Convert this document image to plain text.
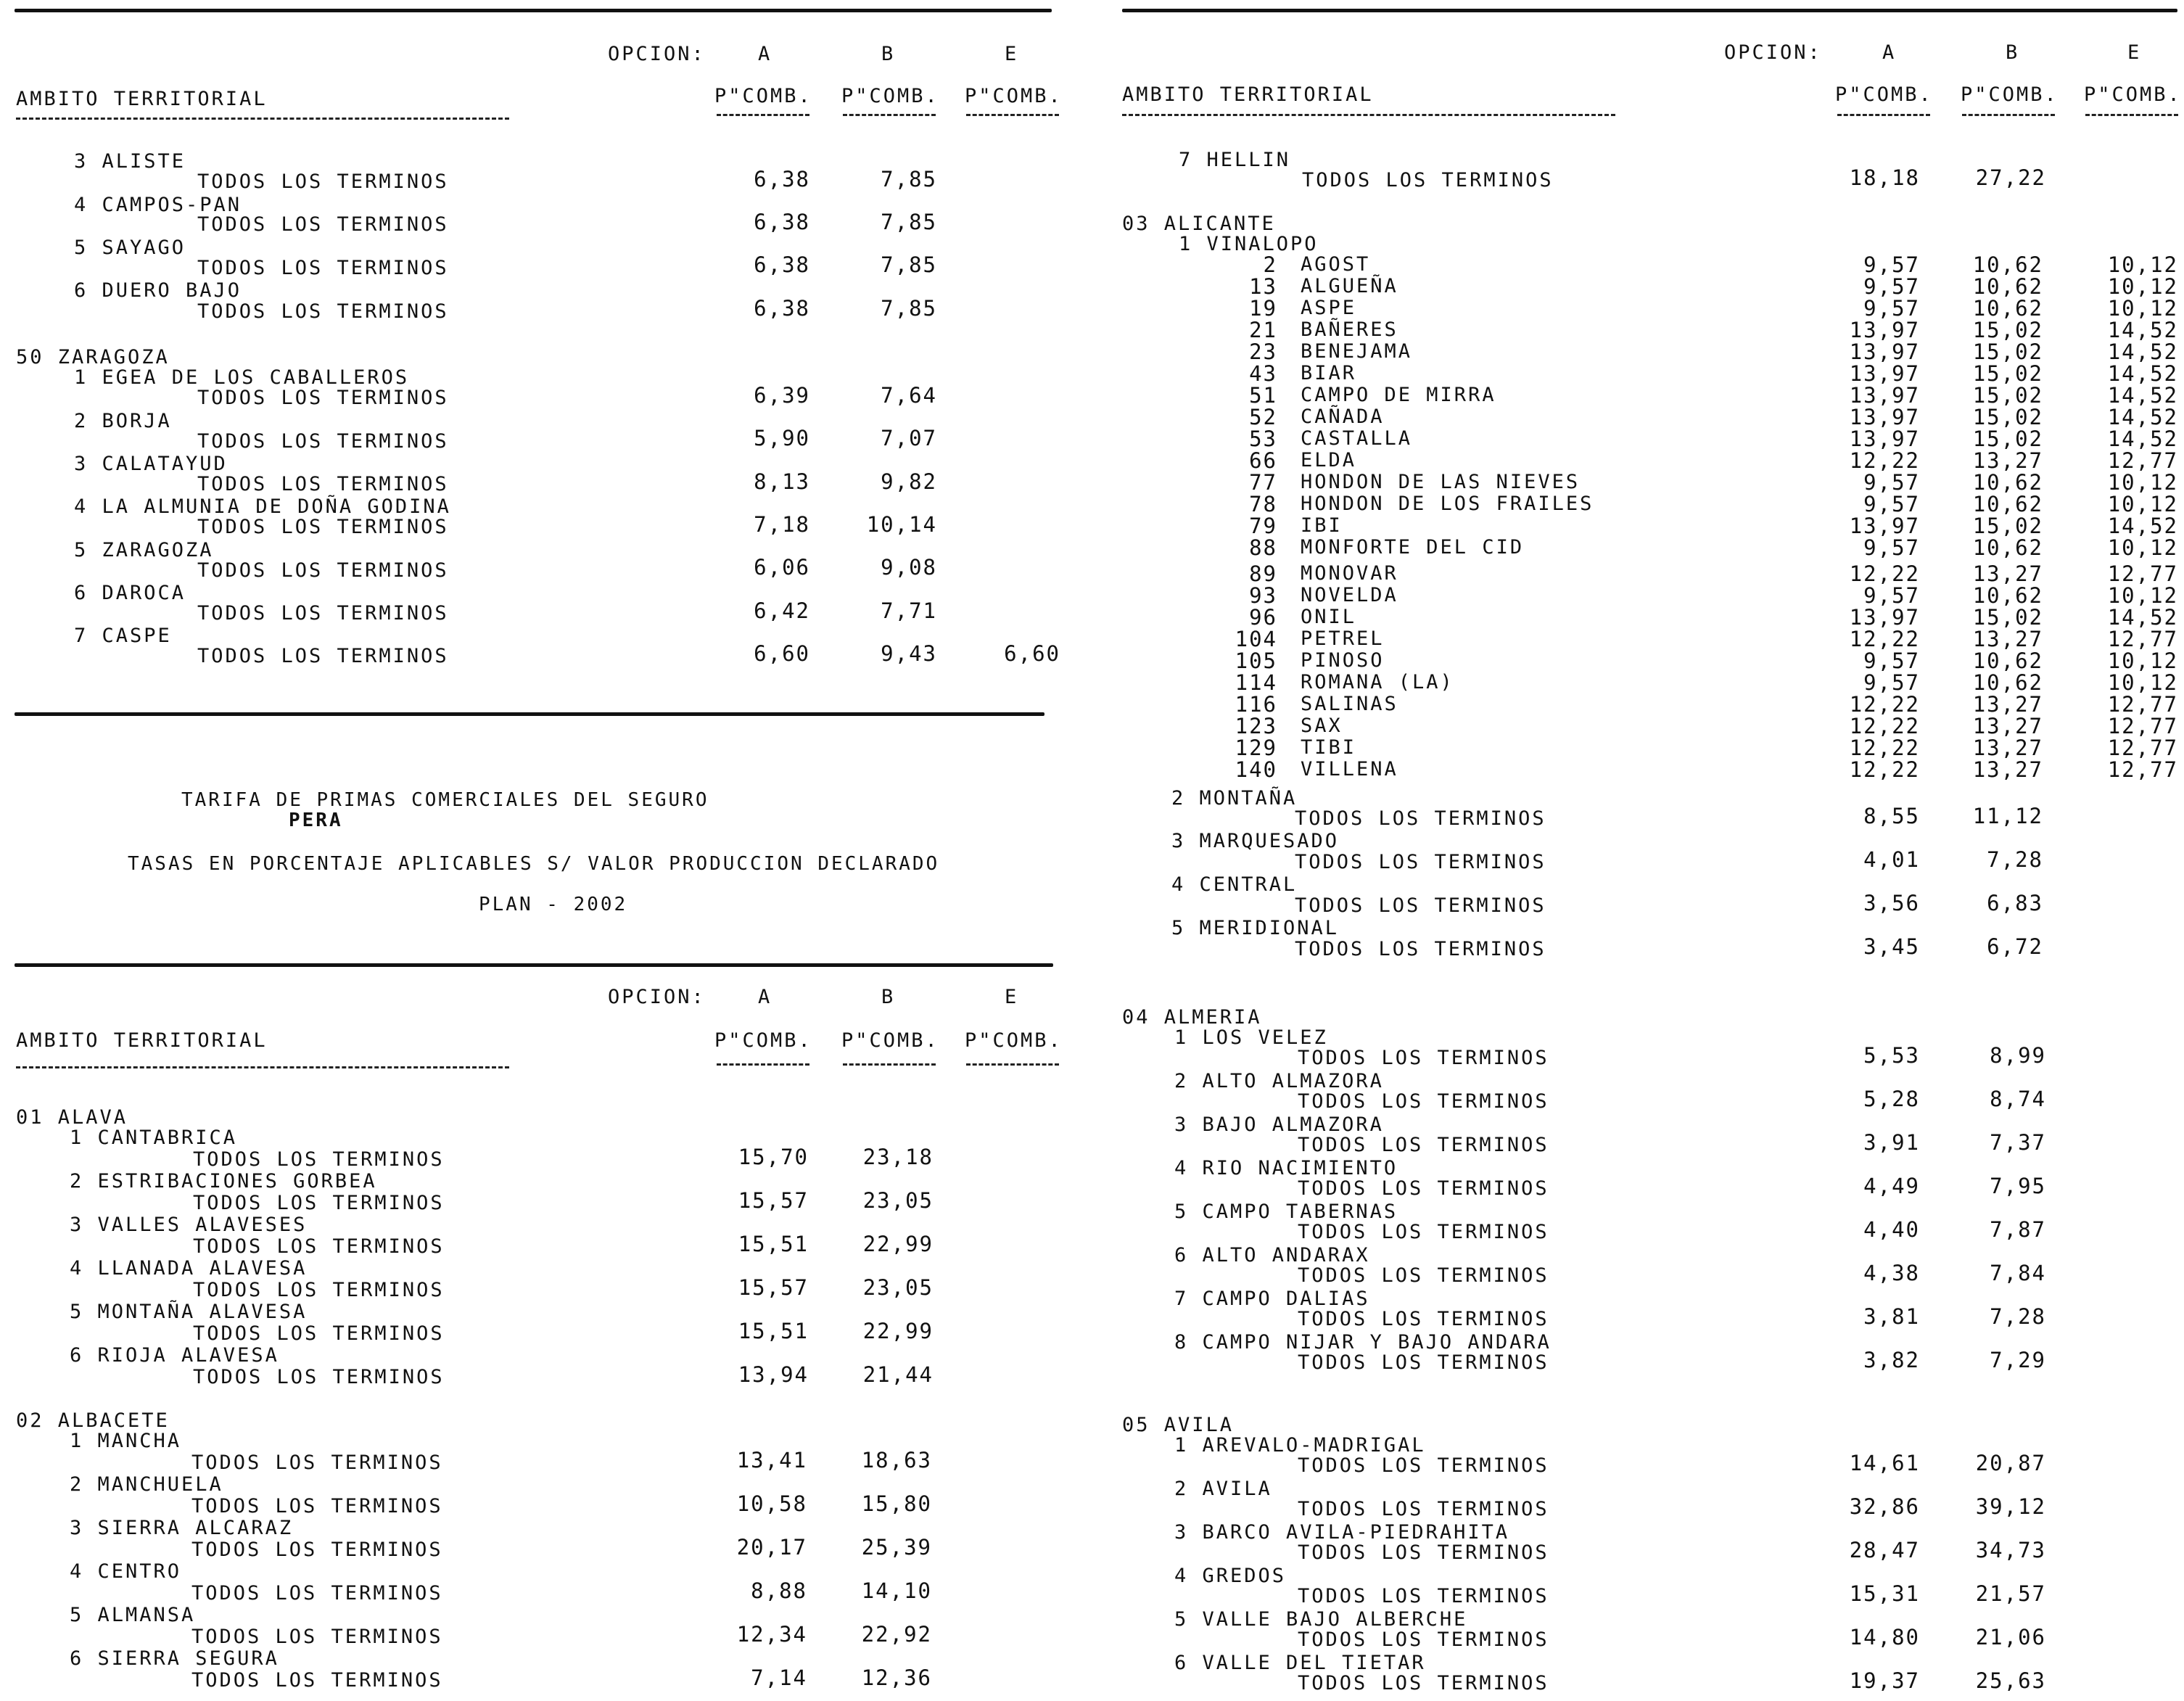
OPCION:	A	B	E
AMBITO TERRITORIAL	P"COMB. P"COMB. P"COMB.
3 ALISTE
TODOS LOS TERMINOS	6,38	7,85
4 CAMPOS-PAN
TODOS LOS TERMINOS	6,38	7,85
5 SAYAGO
TODOS LOS TERMINOS	6,38	7,85
6 DUERO BAJO
TODOS LOS TERMINOS	6,38	7,85
50 ZARAGOZA
1 EGEA DE LOS CABALLEROS
TODOS LOS TERMINOS	6,39	7,64
2 BORJA
TODOS LOS TERMINOS	5,90	7,07
3 CALATAYUD
TODOS LOS TERMINOS	8,13	9,82
4 LA ALMUNIA DE DOÑA GODINA
TODOS LOS TERMINOS	7,18	10,14
5 ZARAGOZA
TODOS LOS TERMINOS	6,06	9,08
6 DAROCA
TODOS LOS TERMINOS	6,42	7,71
7 CASPE
TODOS LOS TERMINOS	6,60	9,43	6,60
TARIFA DE PRIMAS COMERCIALES DEL SEGURO
PERA
TASAS EN PORCENTAJE APLICABLES S/ VALOR PRODUCCION DECLARADO
PLAN - 2002
OPCION:	A	B	E
AMBITO TERRITORIAL	P"COMB. P"COMB. P"COMB.
01 ALAVA
1 CANTABRICA
TODOS LOS TERMINOS	15,70	23,18
2 ESTRIBACIONES GORBEA
TODOS LOS TERMINOS	15,57	23,05
3 VALLES ALAVESES
TODOS LOS TERMINOS	15,51	22,99
4 LLANADA ALAVESA
TODOS LOS TERMINOS	15,57	23,05
5 MONTAÑA ALAVESA
TODOS LOS TERMINOS	15,51	22,99
6 RIOJA ALAVESA
TODOS LOS TERMINOS	13,94	21,44
02 ALBACETE
1 MANCHA
TODOS LOS TERMINOS	13,41	18,63
2 MANCHUELA
TODOS LOS TERMINOS	10,58	15,80
3 SIERRA ALCARAZ
TODOS LOS TERMINOS	20,17	25,39
4 CENTRO
TODOS LOS TERMINOS	8,88	14,10
5 ALMANSA
TODOS LOS TERMINOS	12,34	22,92
6 SIERRA SEGURA
TODOS LOS TERMINOS	7,14	12,36
OPCION:	A	B	E
AMBITO TERRITORIAL	P"COMB. P"COMB. P"COMB.
7 HELLIN
TODOS LOS TERMINOS	18,18	27,22
03 ALICANTE
1 VINALOPO
2 AGOST	9,57	10,62	10,12
13 ALGUEÑA	9,57	10,62	10,12
19 ASPE	9,57	10,62	10,12
21 BAÑERES	13,97	15,02	14,52
23 BENEJAMA	13,97	15,02	14,52
43 BIAR	13,97	15,02	14,52
51 CAMPO DE MIRRA	13,97	15,02	14,52
52 CAÑADA	13,97	15,02	14,52
53 CASTALLA	13,97	15,02	14,52
66 ELDA	12,22	13,27	12,77
77 HONDON DE LAS NIEVES	9,57	10,62	10,12
78 HONDON DE LOS FRAILES	9,57	10,62	10,12
79 IBI	13,97	15,02	14,52
88 MONFORTE DEL CID	9,57	10,62	10,12
89 MONOVAR	12,22	13,27	12,77
93 NOVELDA	9,57	10,62	10,12
96 ONIL	13,97	15,02	14,52
104 PETREL	12,22	13,27	12,77
105 PINOSO	9,57	10,62	10,12
114 ROMANA (LA)	9,57	10,62	10,12
116 SALINAS	12,22	13,27	12,77
123 SAX	12,22	13,27	12,77
129 TIBI	12,22	13,27	12,77
140 VILLENA	12,22	13,27	12,77
2 MONTAÑA
TODOS LOS TERMINOS	8,55	11,12
3 MARQUESADO
TODOS LOS TERMINOS	4,01	7,28
4 CENTRAL
TODOS LOS TERMINOS	3,56	6,83
5 MERIDIONAL
TODOS LOS TERMINOS	3,45	6,72
04 ALMERIA
1 LOS VELEZ
TODOS LOS TERMINOS	5,53	8,99
2 ALTO ALMAZORA
TODOS LOS TERMINOS	5,28	8,74
3 BAJO ALMAZORA
TODOS LOS TERMINOS	3,91	7,37
4 RIO NACIMIENTO
TODOS LOS TERMINOS	4,49	7,95
5 CAMPO TABERNAS
TODOS LOS TERMINOS	4,40	7,87
6 ALTO ANDARAX
TODOS LOS TERMINOS	4,38	7,84
7 CAMPO DALIAS
TODOS LOS TERMINOS	3,81	7,28
8 CAMPO NIJAR Y BAJO ANDARA
TODOS LOS TERMINOS	3,82	7,29
05 AVILA
1 AREVALO-MADRIGAL
TODOS LOS TERMINOS	14,61	20,87
2 AVILA
TODOS LOS TERMINOS	32,86	39,12
3 BARCO AVILA-PIEDRAHITA
TODOS LOS TERMINOS	28,47	34,73
4 GREDOS
TODOS LOS TERMINOS	15,31	21,57
5 VALLE BAJO ALBERCHE
TODOS LOS TERMINOS	14,80	21,06
6 VALLE DEL TIETAR
TODOS LOS TERMINOS	19,37	25,63
